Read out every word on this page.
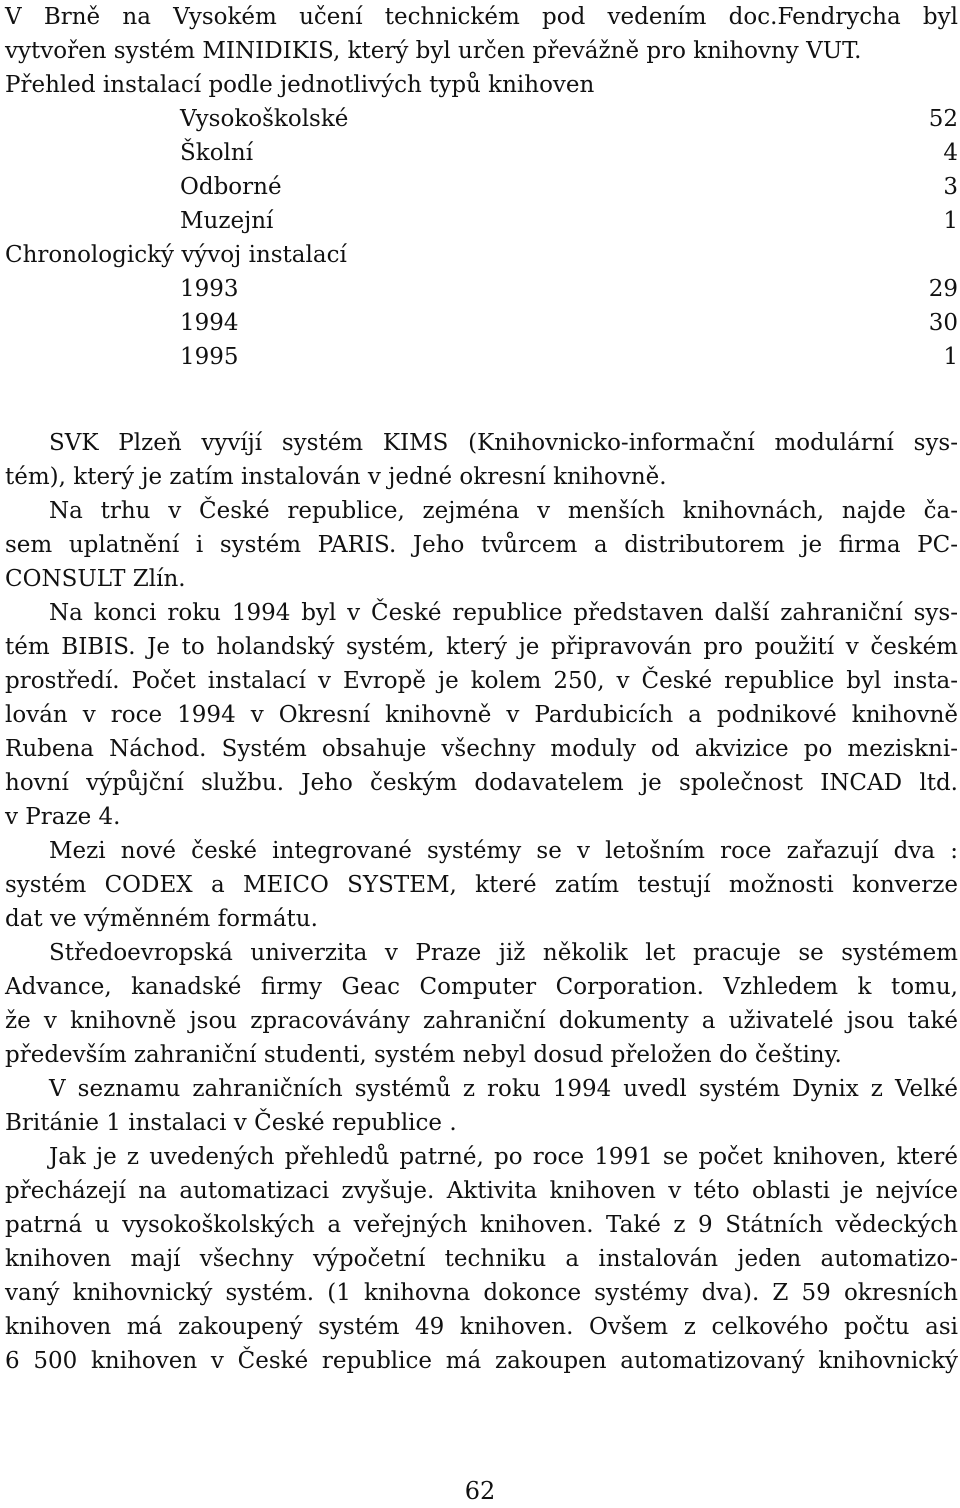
V Brně na Vysokém učení technickém pod vedením doc.Fendrycha byl
vytvořen systém MINIDIKIS, který byl určen převážně pro knihovny VUT.
Přehled instalací podle jednotlivých typů knihoven
Vysokoškolské	52
Školní	4
Odborné	3
Muzejní	1
Chronologický vývoj instalací
1993	29
1994	30
1995	1
SVK Plzeň vyvíjí systém KIMS (Knihovnicko-informační modulární sys-
tém), který je zatím instalován v jedné okresní knihovně.
Na trhu v České republice, zejména v menších knihovnách, najde ča-
sem uplatnění i systém PARIS. Jeho tvůrcem a distributorem je firma PC-
CONSULT Zlín.
Na konci roku 1994 byl v České republice představen další zahraniční sys-
tém BIBIS. Je to holandský systém, který je připravován pro použití v českém
prostředí. Počet instalací v Evropě je kolem 250, v České republice byl insta-
lován v roce 1994 v Okresní knihovně v Pardubicích a podnikové knihovně
Rubena Náchod. Systém obsahuje všechny moduly od akvizice po meziskni-
hovní výpůjční službu. Jeho českým dodavatelem je společnost INCAD ltd.
v Praze 4.
Mezi nové české integrované systémy se v letošním roce zařazují dva :
systém CODEX a MEICO SYSTEM, které zatím testují možnosti konverze
dat ve výměnném formátu.
Středoevropská univerzita v Praze již několik let pracuje se systémem
Advance, kanadské firmy Geac Computer Corporation. Vzhledem k tomu,
že v knihovně jsou zpracovávány zahraniční dokumenty a uživatelé jsou také
především zahraniční studenti, systém nebyl dosud přeložen do češtiny.
V seznamu zahraničních systémů z roku 1994 uvedl systém Dynix z Velké
Británie 1 instalaci v České republice .
Jak je z uvedených přehledů patrné, po roce 1991 se počet knihoven, které
přecházejí na automatizaci zvyšuje. Aktivita knihoven v této oblasti je nejvíce
patrná u vysokoškolských a veřejných knihoven. Také z 9 Státních vědeckých
knihoven mají všechny výpočetní techniku a instalován jeden automatizo-
vaný knihovnický systém. (1 knihovna dokonce systémy dva). Z 59 okresních
knihoven má zakoupený systém 49 knihoven. Ovšem z celkového počtu asi
6 500 knihoven v České republice má zakoupen automatizovaný knihovnický
62
